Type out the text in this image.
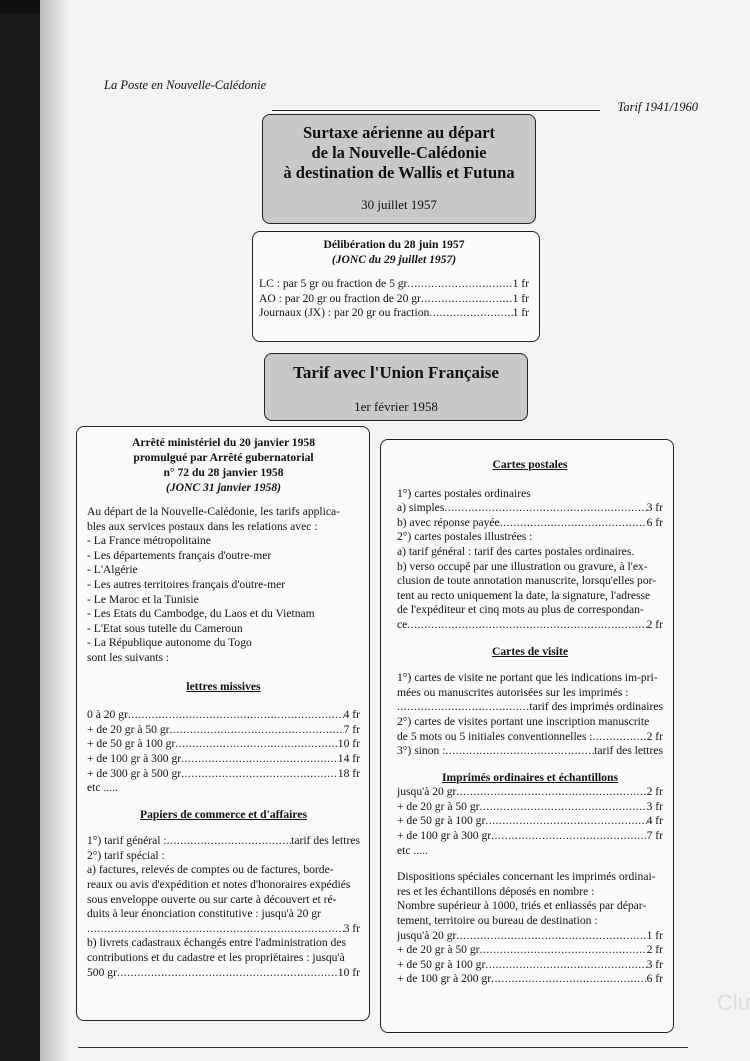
La Poste en Nouvelle-Calédonie
Tarif 1941/1960
Surtaxe aérienne au départ
de la Nouvelle-Calédonie
à destination de Wallis et Futuna
30 juillet 1957
Délibération du 28 juin 1957
(JONC du 29 juillet 1957)
LC : par 5 gr ou fraction de 5 gr .....	1 fr
AO : par 20 gr ou fraction de 20 gr .....	1 fr
Journaux (JX) : par 20 gr ou fraction .....	1 fr
Tarif avec l'Union Française
1er février 1958
Arrêté ministériel du 20 janvier 1958
promulgué par Arrêté gubernatorial
n° 72 du 28 janvier 1958
(JONC 31 janvier 1958)

Au départ de la Nouvelle-Calédonie, les tarifs applica-

bles aux services postaux dans les relations avec :

- La France métropolitaine

- Les départements français d'outre-mer

- L'Algérie

- Les autres territoires français d'outre-mer

- Le Maroc et la Tunisie

- Les Etats du Cambodge, du Laos et du Vietnam

- L'Etat sous tutelle du Cameroun

- La République autonome du Togo

sont les suivants :

lettres missives
0 à 20 gr .....	4 fr
+ de 20 gr à 50 gr .....	7 fr
+ de 50 gr à 100 gr .....	10 fr
+ de 100 gr à 300 gr .....	14 fr
+ de 300 gr à 500 gr .....	18 fr

etc .....

Papiers de commerce et d'affaires
1°) tarif général : .....	tarif des lettres

2°) tarif spécial :

a) factures, relevés de comptes ou de factures, borde-

reaux ou avis d'expédition et notes d'honoraires expédiés

sous enveloppe ouverte ou sur carte à découvert et ré-

duits à leur énonciation constitutive : jusqu'à 20 gr

.....
3 fr

b) livrets cadastraux échangés entre l'administration des

contributions et du cadastre et les propriétaires : jusqu'à

500 gr .....	10 fr
Cartes postales

1°) cartes postales ordinaires

a) simples .....	3 fr
b) avec réponse payée .....	6 fr

2°) cartes postales illustrées :

a) tarif général : tarif des cartes postales ordinaires.

b) verso occupé par une illustration ou gravure, à l'ex-

clusion de toute annotation manuscrite, lorsqu'elles por-

tent au recto uniquement la date, la signature, l'adresse

de l'expéditeur et cinq mots au plus de correspondan-

ce .....	2 fr
Cartes de visite

1°) cartes de visite ne portant que les indications im-pri-

mées ou manuscrites autorisées sur les imprimés :

.....
tarif des imprimés ordinaires

2°) cartes de visites portant une inscription manuscrite

de 5 mots ou 5 initiales conventionnelles : .....	2 fr
3°) sinon : .....	tarif des lettres
Imprimés ordinaires et échantillons
jusqu'à 20 gr .....	2 fr
+ de 20 gr à 50 gr .....	3 fr
+ de 50 gr à 100 gr .....	4 fr
+ de 100 gr à 300 gr .....	7 fr

etc .....

Dispositions spéciales concernant les imprimés ordinai-

res et les échantillons déposés en nombre :

Nombre supérieur à 1000, triés et enliassés par dépar-

tement, territoire ou bureau de destination :

jusqu'à 20 gr .....	1 fr
+ de 20 gr à 50 gr .....	2 fr
+ de 50 gr à 100 gr .....	3 fr
+ de 100 gr à 200 gr .....	6 fr
Clu
